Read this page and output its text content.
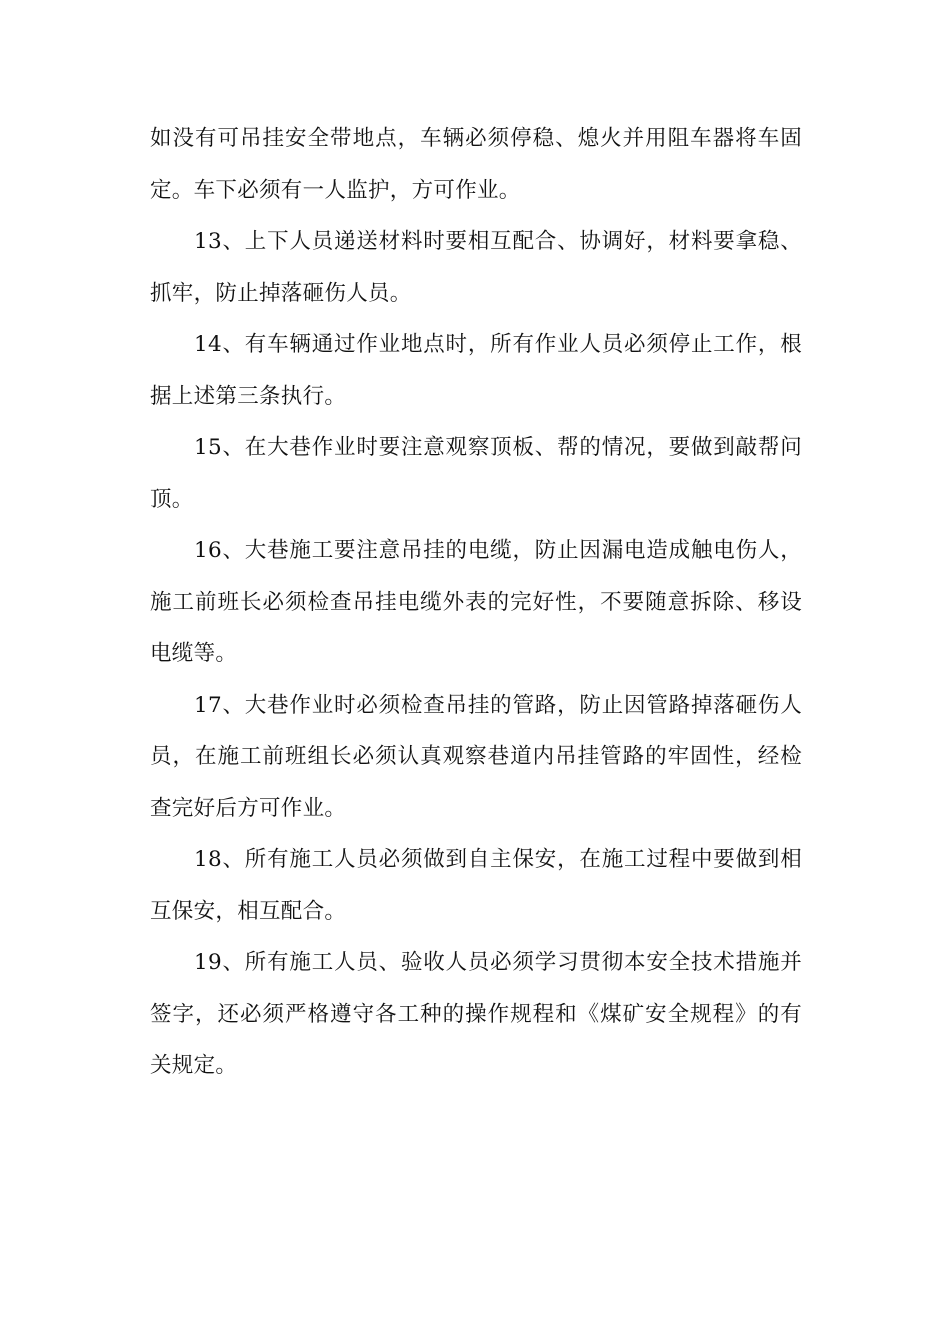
如没有可吊挂安全带地点，车辆必须停稳、熄火并用阻车器将车固定。车下必须有一人监护，方可作业。

13、上下人员递送材料时要相互配合、协调好，材料要拿稳、抓牢，防止掉落砸伤人员。

14、有车辆通过作业地点时，所有作业人员必须停止工作，根据上述第三条执行。

15、在大巷作业时要注意观察顶板、帮的情况，要做到敲帮问顶。

16、大巷施工要注意吊挂的电缆，防止因漏电造成触电伤人，施工前班长必须检查吊挂电缆外表的完好性，不要随意拆除、移设电缆等。

17、大巷作业时必须检查吊挂的管路，防止因管路掉落砸伤人员，在施工前班组长必须认真观察巷道内吊挂管路的牢固性，经检查完好后方可作业。

18、所有施工人员必须做到自主保安，在施工过程中要做到相互保安，相互配合。

19、所有施工人员、验收人员必须学习贯彻本安全技术措施并签字，还必须严格遵守各工种的操作规程和《煤矿安全规程》的有关规定。
